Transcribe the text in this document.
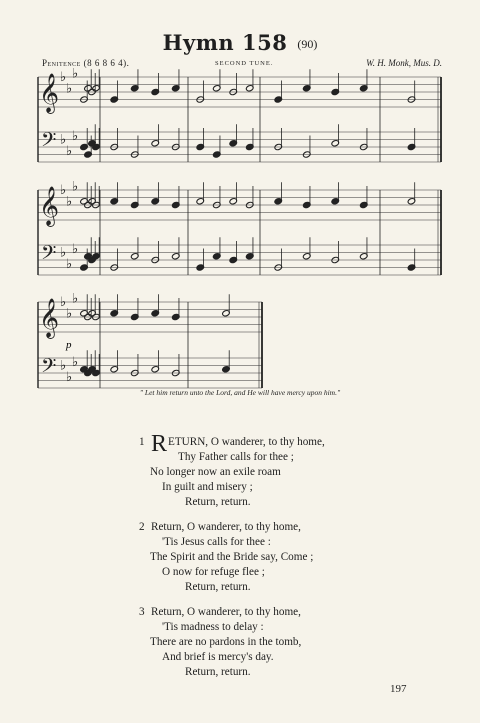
Hymn 158 (90)
Penitence (8 6 8 6 4).	SECOND TUNE.	W. H. Monk, Mus. D.
𝄞
𝄢
♭
♭
♭
♭
♭
♭
𝄞
𝄢
♭
♭
♭
♭
♭
♭
𝄞
𝄢
♭
♭
♭
♭
♭
♭
p
" Let him return unto the Lord, and He will have mercy upon him."
1 R ETURN, O wanderer, to thy home,
Thy Father calls for thee ;
No longer now an exile roam
In guilt and misery ;
Return, return.
2 Return, O wanderer, to thy home,
'Tis Jesus calls for thee :
The Spirit and the Bride say, Come ;
O now for refuge flee ;
Return, return.
3 Return, O wanderer, to thy home,
'Tis madness to delay :
There are no pardons in the tomb,
And brief is mercy's day.
Return, return.
197
